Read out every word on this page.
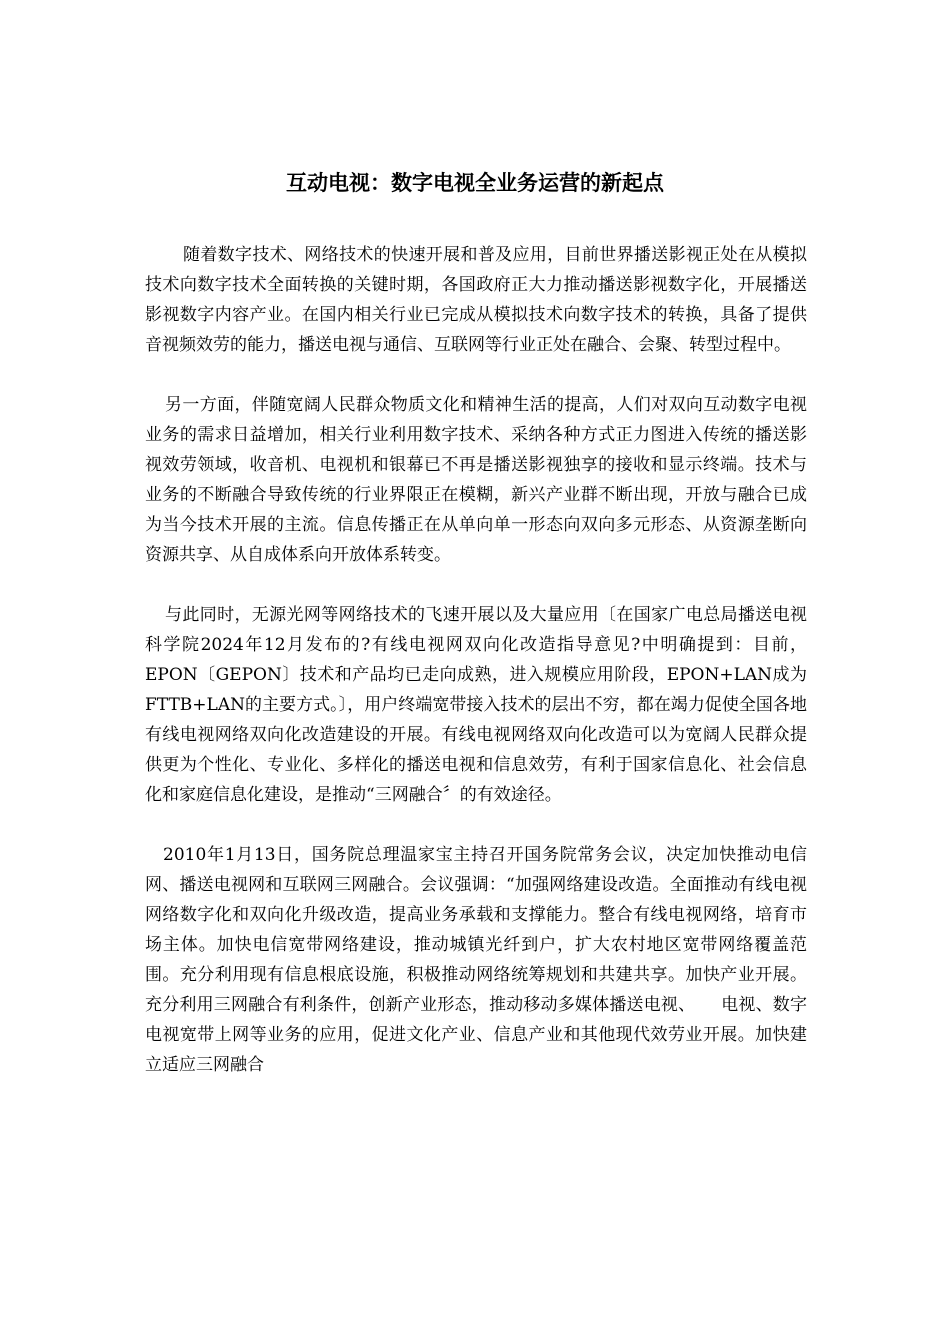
互动电视：数字电视全业务运营的新起点

随着数字技术、网络技术的快速开展和普及应用，目前世界播送影视正处在从模拟技术向数字技术全面转换的关键时期，各国政府正大力推动播送影视数字化，开展播送影视数字内容产业。在国内相关行业已完成从模拟技术向数字技术的转换，具备了提供音视频效劳的能力，播送电视与通信、互联网等行业正处在融合、会聚、转型过程中。

另一方面，伴随宽阔人民群众物质文化和精神生活的提高，人们对双向互动数字电视业务的需求日益增加，相关行业利用数字技术、采纳各种方式正力图进入传统的播送影视效劳领域，收音机、电视机和银幕已不再是播送影视独享的接收和显示终端。技术与业务的不断融合导致传统的行业界限正在模糊，新兴产业群不断出现，开放与融合已成为当今技术开展的主流。信息传播正在从单向单一形态向双向多元形态、从资源垄断向资源共享、从自成体系向开放体系转变。

与此同时，无源光网等网络技术的飞速开展以及大量应用〔在国家广电总局播送电视科学院2024年12月发布的?有线电视网双向化改造指导意见?中明确提到：目前，EPON〔GEPON〕技术和产品均已走向成熟，进入规模应用阶段，EPON+LAN成为FTTB+LAN的主要方式。〕，用户终端宽带接入技术的层出不穷，都在竭力促使全国各地有线电视网络双向化改造建设的开展。有线电视网络双向化改造可以为宽阔人民群众提供更为个性化、专业化、多样化的播送电视和信息效劳，有利于国家信息化、社会信息化和家庭信息化建设，是推动“三网融合〞的有效途径。

2010年1月13日，国务院总理温家宝主持召开国务院常务会议，决定加快推动电信网、播送电视网和互联网三网融合。会议强调：“加强网络建设改造。全面推动有线电视网络数字化和双向化升级改造，提高业务承载和支撑能力。整合有线电视网络，培育市场主体。加快电信宽带网络建设，推动城镇光纤到户，扩大农村地区宽带网络覆盖范围。充分利用现有信息根底设施，积极推动网络统筹规划和共建共享。加快产业开展。充分利用三网融合有利条件，创新产业形态，推动移动多媒体播送电视、　　电视、数字电视宽带上网等业务的应用，促进文化产业、信息产业和其他现代效劳业开展。加快建立适应三网融合
